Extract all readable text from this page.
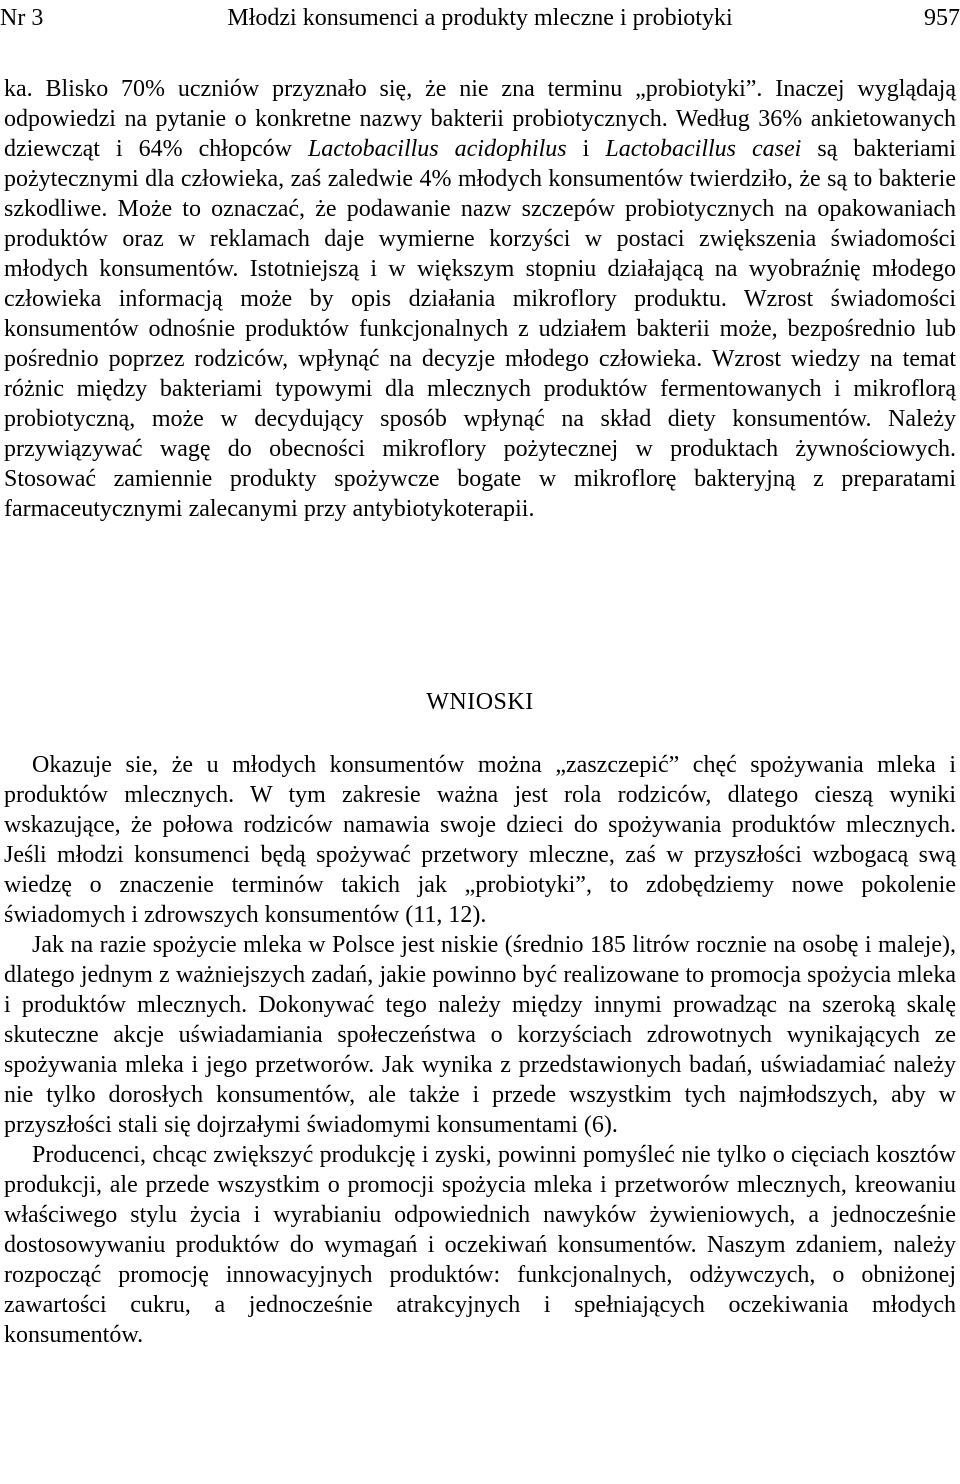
Nr 3	Młodzi konsumenci a produkty mleczne i probiotyki	957

ka. Blisko 70% uczniów przyznało się, że nie zna terminu „probiotyki”. Inaczej wyglądają odpowiedzi na pytanie o konkretne nazwy bakterii probiotycznych. Według 36% ankietowanych dziewcząt i 64% chłopców Lactobacillus acidophilus i Lactobacillus casei są bakteriami pożytecznymi dla człowieka, zaś zaledwie 4% młodych konsumentów twierdziło, że są to bakterie szkodliwe. Może to oznaczać, że podawanie nazw szczepów probiotycznych na opakowaniach produktów oraz w reklamach daje wymierne korzyści w postaci zwiększenia świadomości młodych konsumentów. Istotniejszą i w większym stopniu działającą na wyobraźnię młodego człowieka informacją może by opis działania mikroflory produktu. Wzrost świadomości konsumentów odnośnie produktów funkcjonalnych z udziałem bakterii może, bezpośrednio lub pośrednio poprzez rodziców, wpłynąć na decyzje młodego człowieka. Wzrost wiedzy na temat różnic między bakteriami typowymi dla mlecznych produktów fermentowanych i mikroflorą probiotyczną, może w decydujący sposób wpłynąć na skład diety konsumentów. Należy przywiązywać wagę do obecności mikroflory pożytecznej w produktach żywnościowych. Stosować zamiennie produkty spożywcze bogate w mikroflorę bakteryjną z preparatami farmaceutycznymi zalecanymi przy antybiotykoterapii.

WNIOSKI

Okazuje sie, że u młodych konsumentów można „zaszczepić” chęć spożywania mleka i produktów mlecznych. W tym zakresie ważna jest rola rodziców, dlatego cieszą wyniki wskazujące, że połowa rodziców namawia swoje dzieci do spożywania produktów mlecznych. Jeśli młodzi konsumenci będą spożywać przetwory mleczne, zaś w przyszłości wzbogacą swą wiedzę o znaczenie terminów takich jak „probiotyki”, to zdobędziemy nowe pokolenie świadomych i zdrowszych konsumentów (11, 12).

Jak na razie spożycie mleka w Polsce jest niskie (średnio 185 litrów rocznie na osobę i maleje), dlatego jednym z ważniejszych zadań, jakie powinno być realizowane to promocja spożycia mleka i produktów mlecznych. Dokonywać tego należy między innymi prowadząc na szeroką skalę skuteczne akcje uświadamiania społeczeństwa o korzyściach zdrowotnych wynikających ze spożywania mleka i jego przetworów. Jak wynika z przedstawionych badań, uświadamiać należy nie tylko dorosłych konsumentów, ale także i przede wszystkim tych najmłodszych, aby w przyszłości stali się dojrzałymi świadomymi konsumentami (6).

Producenci, chcąc zwiększyć produkcję i zyski, powinni pomyśleć nie tylko o cięciach kosztów produkcji, ale przede wszystkim o promocji spożycia mleka i przetworów mlecznych, kreowaniu właściwego stylu życia i wyrabianiu odpowiednich nawyków żywieniowych, a jednocześnie dostosowywaniu produktów do wymagań i oczekiwań konsumentów. Naszym zdaniem, należy rozpocząć promocję innowacyjnych produktów: funkcjonalnych, odżywczych, o obniżonej zawartości cukru, a jednocześnie atrakcyjnych i spełniających oczekiwania młodych konsumentów.
